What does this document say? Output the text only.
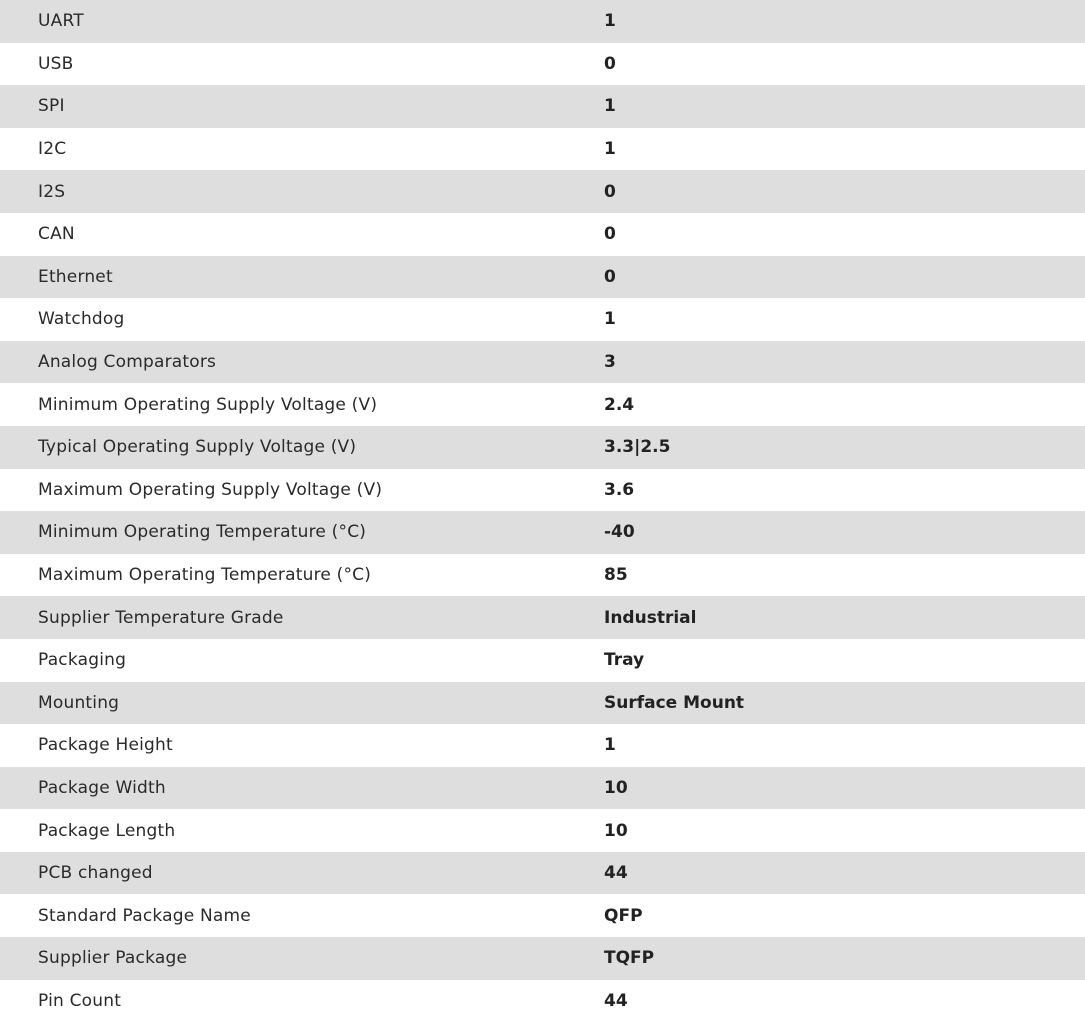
UART	1
USB	0
SPI	1
I2C	1
I2S	0
CAN	0
Ethernet	0
Watchdog	1
Analog Comparators	3
Minimum Operating Supply Voltage (V)	2.4
Typical Operating Supply Voltage (V)	3.3|2.5
Maximum Operating Supply Voltage (V)	3.6
Minimum Operating Temperature (°C)	-40
Maximum Operating Temperature (°C)	85
Supplier Temperature Grade	Industrial
Packaging	Tray
Mounting	Surface Mount
Package Height	1
Package Width	10
Package Length	10
PCB changed	44
Standard Package Name	QFP
Supplier Package	TQFP
Pin Count	44
